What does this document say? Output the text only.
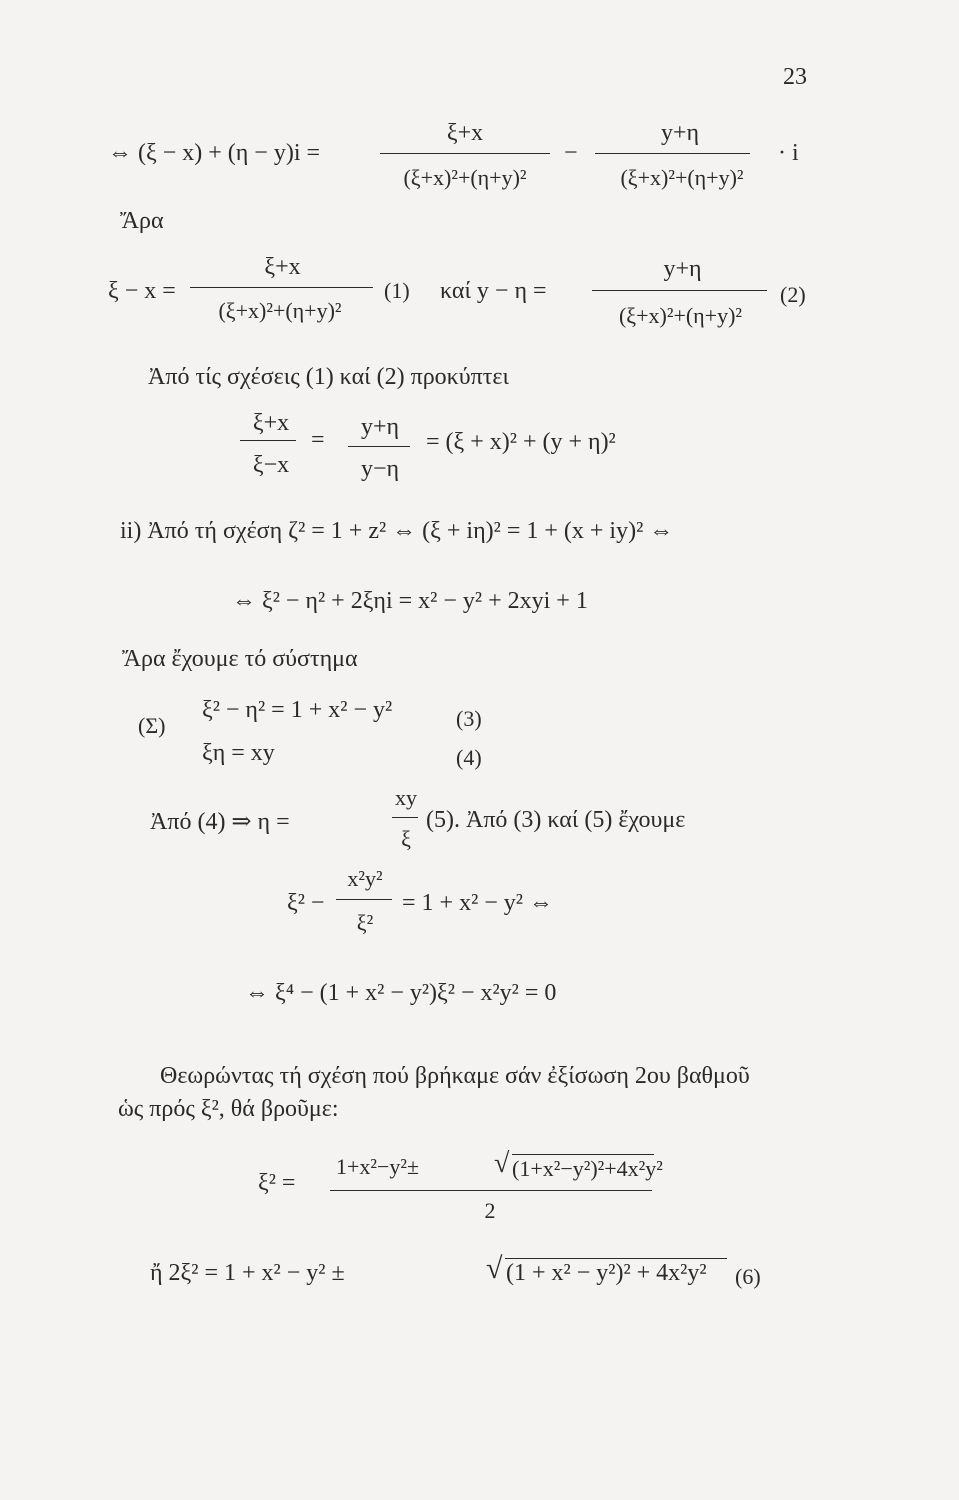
23
⇔ (ξ − x) + (η − y)i =
ξ+x
(ξ+x)²+(η+y)²
−
y+η
(ξ+x)²+(η+y)²
· i
Ἄρα
ξ − x =
ξ+x
(ξ+x)²+(η+y)²
(1) καί y − η =
y+η
(ξ+x)²+(η+y)²
(2)
Ἀπό τίς σχέσεις (1) καί (2) προκύπτει
ξ+x
ξ−x
=	y+η
y−η
= (ξ + x)² + (y + η)²
ii) Ἀπό τή σχέση ζ² = 1 + z² ⇔ (ξ + iη)² = 1 + (x + iy)² ⇔
⇔ ξ² − η² + 2ξηi = x² − y² + 2xyi + 1
Ἄρα ἔχουμε τό σύστημα
(Σ)
ξ² − η² = 1 + x² − y²	(3)
ξη = xy	(4)
Ἀπό (4) ⇒ η =
xy
ξ
(5). Ἀπό (3) καί (5) ἔχουμε
ξ² −
x²y²
ξ²
= 1 + x² − y² ⇔
⇔ ξ⁴ − (1 + x² − y²)ξ² − x²y² = 0
Θεωρώντας τή σχέση πού βρήκαμε σάν ἐξίσωση 2ου βαθμοῦ
ὡς πρός ξ², θά βροῦμε:
ξ² =
1+x²−y²±	√ (1+x²−y²)²+4x²y²
2
ἤ 2ξ² = 1 + x² − y² ±	√ (1 + x² − y²)² + 4x²y² (6)
